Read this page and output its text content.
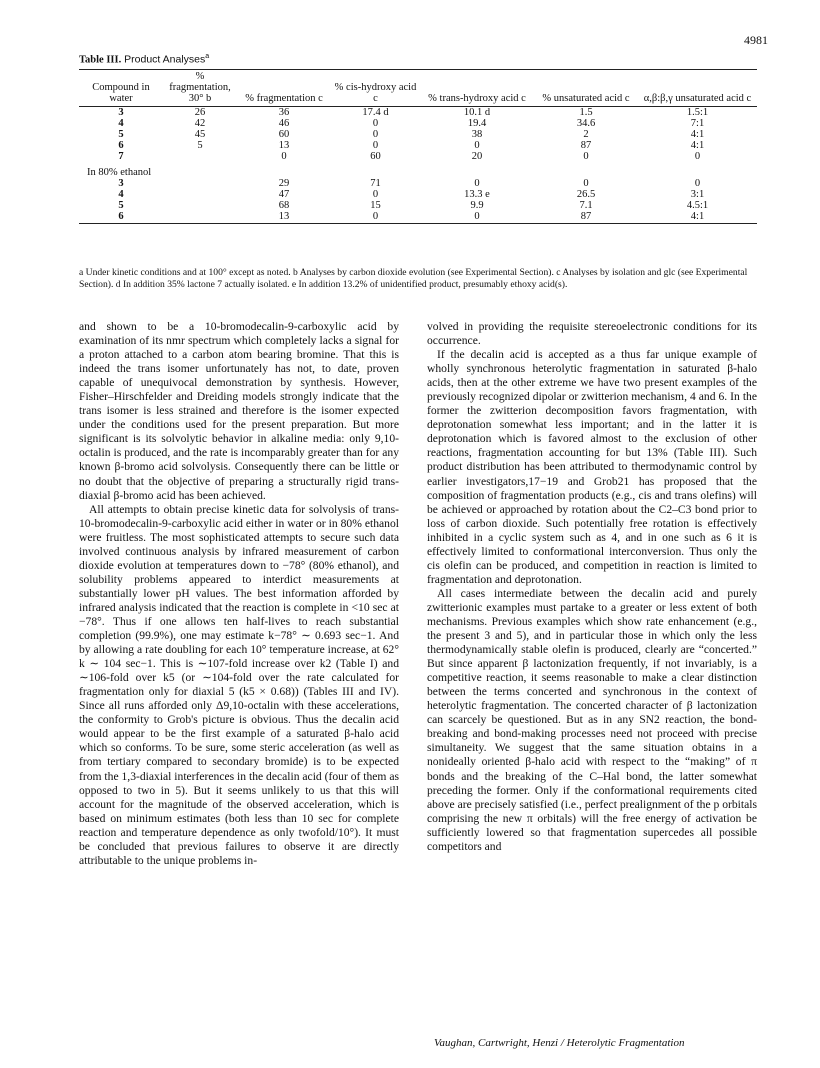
4981
Table III. Product Analyses$^a$
Compound in water	% fragmentation, 30° b	% fragmentation c	% cis-hydroxy acid c	% trans-hydroxy acid c	% unsaturated acid c	α,β:β,γ unsaturated acid c
3	26	36	17.4 d	10.1 d	1.5	1.5:1
4	42	46	0	19.4	34.6	7:1
5	45	60	0	38	2	4:1
6	5	13	0	0	87	4:1
7		0	60	20	0	0
In 80% ethanol						
3		29	71	0	0	0
4		47	0	13.3 e	26.5	3:1
5		68	15	9.9	7.1	4.5:1
6		13	0	0	87	4:1
a Under kinetic conditions and at 100° except as noted. b Analyses by carbon dioxide evolution (see Experimental Section). c Analyses by isolation and glc (see Experimental Section). d In addition 35% lactone 7 actually isolated. e In addition 13.2% of unidentified product, presumably ethoxy acid(s).

and shown to be a 10-bromodecalin-9-carboxylic acid by examination of its nmr spectrum which completely lacks a signal for a proton attached to a carbon atom bearing bromine. That this is indeed the trans isomer unfortunately has not, to date, proven capable of unequivocal demonstration by synthesis. However, Fisher–Hirschfelder and Dreiding models strongly indicate that the trans isomer is less strained and therefore is the isomer expected under the conditions used for the present preparation. But more significant is its solvolytic behavior in alkaline media: only 9,10-octalin is produced, and the rate is incomparably greater than for any known β-bromo acid solvolysis. Consequently there can be little or no doubt that the objective of preparing a structurally rigid trans-diaxial β-bromo acid has been achieved.

All attempts to obtain precise kinetic data for solvolysis of trans-10-bromodecalin-9-carboxylic acid either in water or in 80% ethanol were fruitless. The most sophisticated attempts to secure such data involved continuous analysis by infrared measurement of carbon dioxide evolution at temperatures down to −78° (80% ethanol), and solubility problems appeared to interdict measurements at substantially lower pH values. The best information afforded by infrared analysis indicated that the reaction is complete in <10 sec at −78°. Thus if one allows ten half-lives to reach substantial completion (99.9%), one may estimate k−78° ∼ 0.693 sec−1. And by allowing a rate doubling for each 10° temperature increase, at 62° k ∼ 104 sec−1. This is ∼107-fold increase over k2 (Table I) and ∼106-fold over k5 (or ∼104-fold over the rate calculated for fragmentation only for diaxial 5 (k5 × 0.68)) (Tables III and IV). Since all runs afforded only Δ9,10-octalin with these accelerations, the conformity to Grob's picture is obvious. Thus the decalin acid would appear to be the first example of a saturated β-halo acid which so conforms. To be sure, some steric acceleration (as well as from tertiary compared to secondary bromide) is to be expected from the 1,3-diaxial interferences in the decalin acid (four of them as opposed to two in 5). But it seems unlikely to us that this will account for the magnitude of the observed acceleration, which is based on minimum estimates (both less than 10 sec for complete reaction and temperature dependence as only twofold/10°). It must be concluded that previous failures to observe it are directly attributable to the unique problems in-

volved in providing the requisite stereoelectronic conditions for its occurrence.

If the decalin acid is accepted as a thus far unique example of wholly synchronous heterolytic fragmentation in saturated β-halo acids, then at the other extreme we have two present examples of the previously recognized dipolar or zwitterion mechanism, 4 and 6. In the former the zwitterion decomposition favors fragmentation, with deprotonation somewhat less important; and in the latter it is deprotonation which is favored almost to the exclusion of other reactions, fragmentation accounting for but 13% (Table III). Such product distribution has been attributed to thermodynamic control by earlier investigators,17−19 and Grob21 has proposed that the composition of fragmentation products (e.g., cis and trans olefins) will be achieved or approached by rotation about the C2–C3 bond prior to loss of carbon dioxide. Such potentially free rotation is effectively inhibited in a cyclic system such as 4, and in one such as 6 it is effectively limited to conformational interconversion. Thus only the cis olefin can be produced, and competition in reaction is limited to fragmentation and deprotonation.

All cases intermediate between the decalin acid and purely zwitterionic examples must partake to a greater or less extent of both mechanisms. Previous examples which show rate enhancement (e.g., the present 3 and 5), and in particular those in which only the less thermodynamically stable olefin is produced, clearly are “concerted.” But since apparent β lactonization frequently, if not invariably, is a competitive reaction, it seems reasonable to make a clear distinction between the terms concerted and synchronous in the context of heterolytic fragmentation. The concerted character of β lactonization can scarcely be questioned. But as in any SN2 reaction, the bond-breaking and bond-making processes need not proceed with precise simultaneity. We suggest that the same situation obtains in a nonideally oriented β-halo acid with respect to the “making” of π bonds and the breaking of the C–Hal bond, the latter somewhat preceding the former. Only if the conformational requirements cited above are precisely satisfied (i.e., perfect prealignment of the p orbitals comprising the new π orbitals) will the free energy of activation be sufficiently lowered so that fragmentation supercedes all possible competitors and

Vaughan, Cartwright, Henzi / Heterolytic Fragmentation
